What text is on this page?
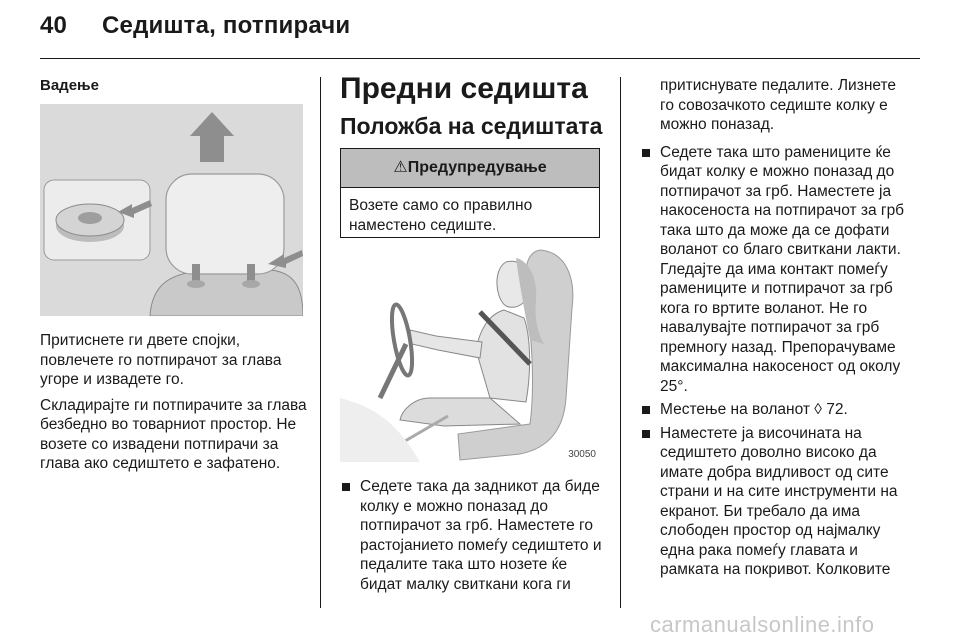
40 Седишта, потпирачи
Вадење

Притиснете ги двете спојки, повлечете го потпирачот за глава угоре и извадете го.

Складирајте ги потпирачите за глава безбедно во товарниот простор. Не возете со извадени потпирачи за глава ако седиштето е зафатено.

Предни седишта
Положба на седиштата
⚠Предупредување
Возете само со правилно наместено седиште.
30050
Седете така да задникот да биде колку е можно поназад до потпирачот за грб. Наместете го растојанието помеѓу седиштето и педалите така што нозете ќе бидат малку свиткани кога ги

притиснувате педалите. Лизнете го совозачкото седиште колку е можно поназад.

Седете така што рамениците ќе бидат колку е можно поназад до потпирачот за грб. Наместете ја накосеноста на потпирачот за грб така што да може да се дофати воланот со благо свиткани лакти. Гледајте да има контакт помеѓу рамениците и потпирачот за грб кога го вртите воланот. Не го навалувајте потпирачот за грб премногу назад. Препорачуваме максимална накосеност од околу 25°.
Местење на воланот ◊ 72.
Наместете ја височината на седиштето доволно високо да имате добра видливост од сите страни и на сите инструменти на екранот. Би требало да има слободен простор од најмалку една рака помеѓу главата и рамката на покривот. Колковите
carmanualsonline.info
